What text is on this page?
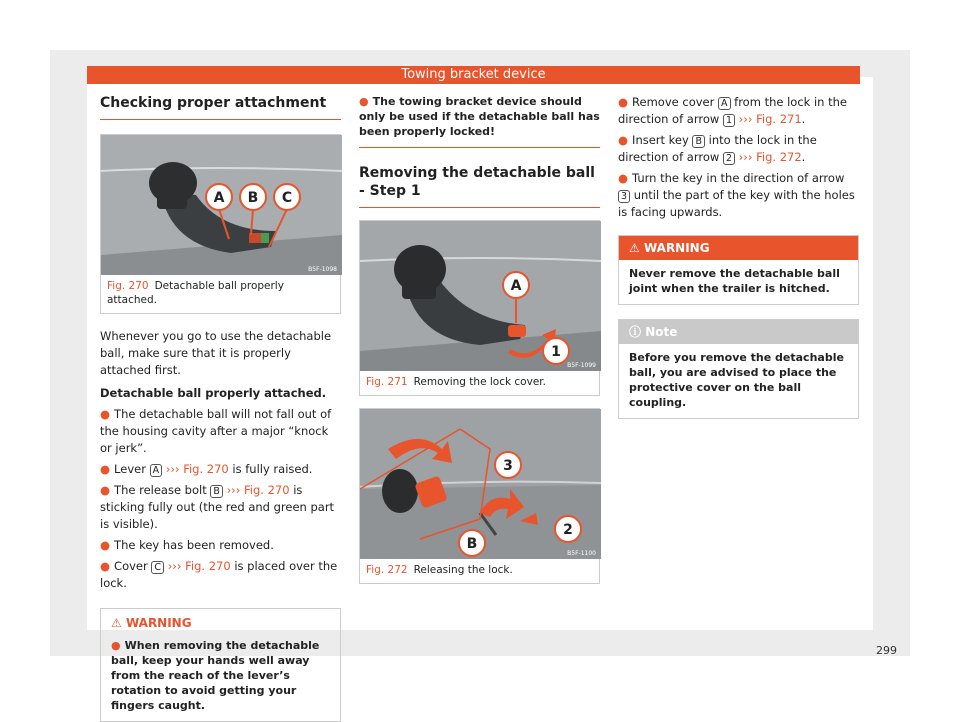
Towing bracket device
Checking proper attachment
A B C
B5F-1098
Fig. 270 Detachable ball properly attached.

Whenever you go to use the detachable ball, make sure that it is properly attached first.

Detachable ball properly attached.

● The detachable ball will not fall out of the housing cavity after a major “knock or jerk”.

● Lever A ››› Fig. 270 is fully raised.

● The release bolt B ››› Fig. 270 is sticking fully out (the red and green part is visible).

● The key has been removed.

● Cover C ››› Fig. 270 is placed over the lock.

⚠ WARNING

● When removing the detachable ball, keep your hands well away from the reach of the lever’s rotation to avoid getting your fingers caught.

● The towing bracket device should only be used if the detachable ball has been properly locked!
Removing the detachable ball - Step 1
A
1
B5F-1099
Fig. 271 Removing the lock cover.
3
2
B
B5F-1100
Fig. 272 Releasing the lock.

● Remove cover A from the lock in the direction of arrow 1 ››› Fig. 271.

● Insert key B into the lock in the direction of arrow 2 ››› Fig. 272.

● Turn the key in the direction of arrow 3 until the part of the key with the holes is facing upwards.

⚠ WARNING
Never remove the detachable ball joint when the trailer is hitched.
ⓘ Note
Before you remove the detachable ball, you are advised to place the protective cover on the ball coupling.
299
